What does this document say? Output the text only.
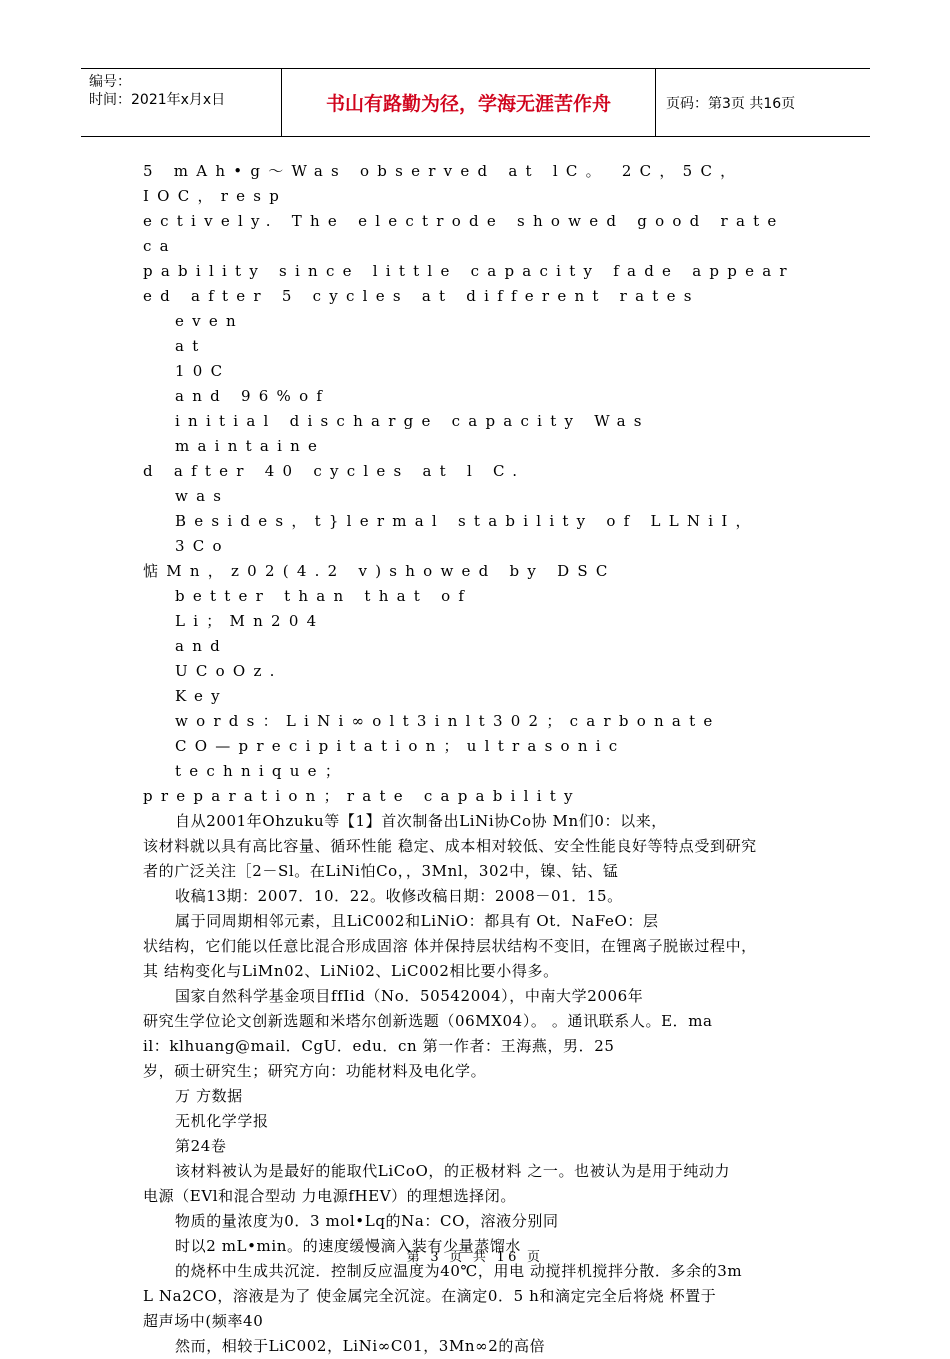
编号：
时间：2021年x月x日	书山有路勤为径，学海无涯苦作舟	页码：第3页 共16页

5 mAh•g～Was observed at lC。 2C，5C，IOC，resp

ectively. The electrode showed good rate ca

pability since little capacity fade appear

ed after 5 cycles at different rates

even

at

10C

and 96%of

initial discharge capacity Was maintaine

d after 40 cycles at l C.

was

Besides，t}lermal stability of LLNiI，3Co

惦Mn，z02(4.2 v)showed by DSC

better than that of

Li；Mn204

and

UCoOz.

Key

words：LiNi∞olt3inlt302；carbonate

CO—precipitation；ultrasonic technique；

preparation；rate capability

自从2001年Ohzuku等【1】首次制备出LiNi协Co协 Mn们0：以来，

该材料就以具有高比容量、循环性能 稳定、成本相对较低、安全性能良好等特点受到研究

者的广泛关注［2－Sl。在LiNi怕Co，，3Mnl，302中，镍、钴、锰

收稿13期：2007．10．22。收修改稿日期：2008－01．15。

属于同周期相邻元素，且LiC002和LiNiO：都具有 Ot．NaFeO：层

状结构，它们能以任意比混合形成固溶 体并保持层状结构不变旧，在锂离子脱嵌过程中，

其 结构变化与LiMn02、LiNi02、LiC002相比要小得多。

国家自然科学基金项目ffIid（No．50542004），中南大学2006年

研究生学位论文创新选题和米塔尔创新选题（06MX04）。 。通讯联系人。E．ma

il：klhuang@mail．CgU．edu．cn 第一作者：王海燕，男．25

岁，硕士研究生；研究方向：功能材料及电化学。

万 方数据

无机化学学报

第24卷

该材料被认为是最好的能取代LiCoO，的正极材料 之一。也被认为是用于纯动力

电源（EVl和混合型动 力电源fHEV）的理想选择闭。

物质的量浓度为0．3 mol•Lq的Na：CO，溶液分别同

时以2 mL•min。的速度缓慢滴入装有少量蒸馏水

的烧杯中生成共沉淀．控制反应温度为40℃，用电 动搅拌机搅拌分散．多余的3m

L Na2CO，溶液是为了 使金属完全沉淀。在滴定0．5 h和滴定完全后将烧 杯置于

超声场中(频率40

然而，相较于LiC002，LiNi∞C01，3Mn∞2的高倍

第 3 页 共 16 页
